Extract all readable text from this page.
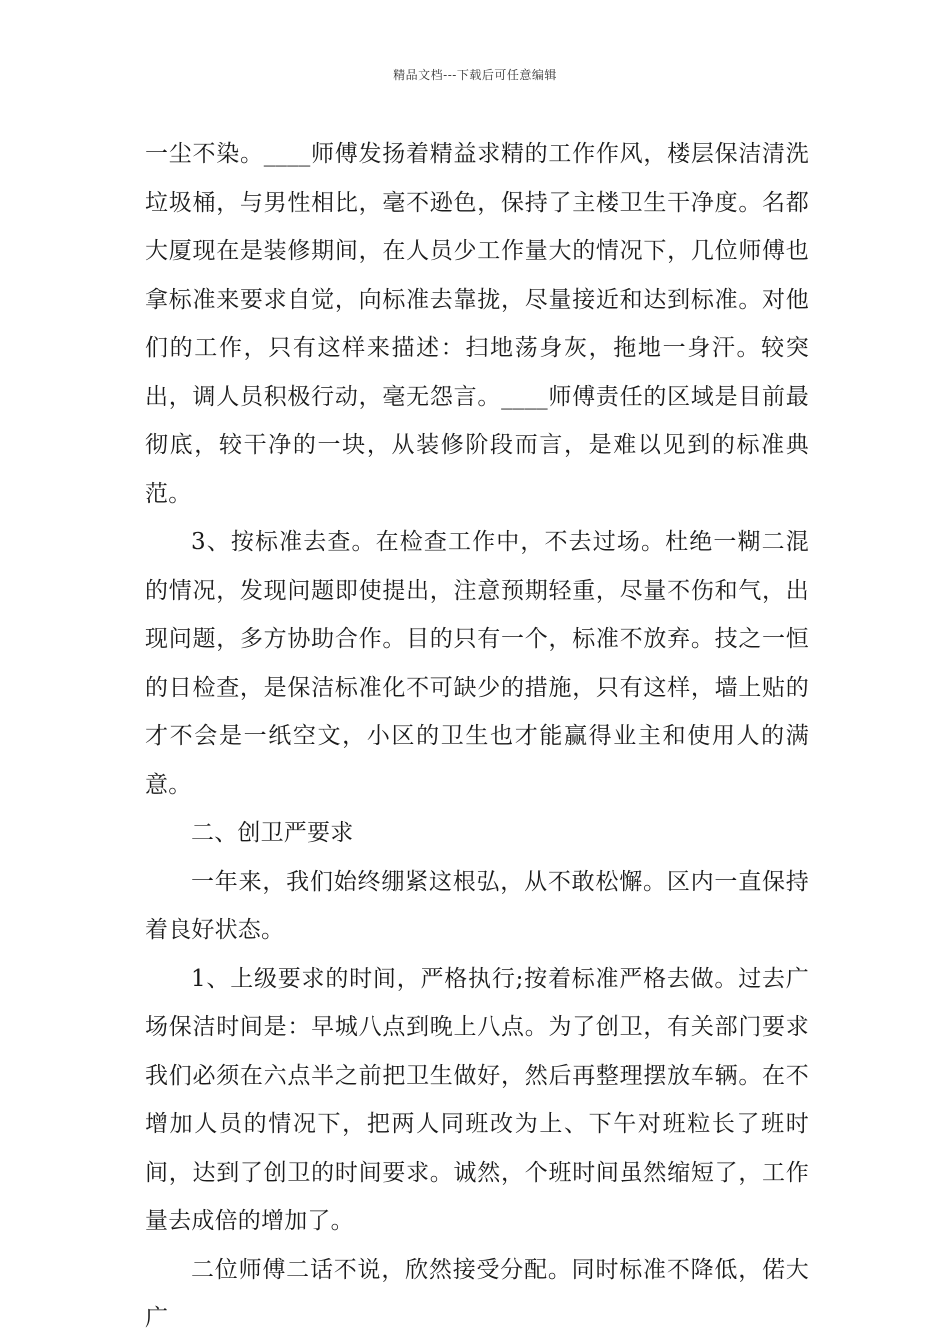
精品文档---下载后可任意编辑

一尘不染。____师傅发扬着精益求精的工作作风，楼层保洁清洗垃圾桶，与男性相比，毫不逊色，保持了主楼卫生干净度。名都大厦现在是装修期间，在人员少工作量大的情况下，几位师傅也拿标准来要求自觉，向标准去靠拢，尽量接近和达到标准。对他们的工作，只有这样来描述：扫地荡身灰，拖地一身汗。较突出，调人员积极行动，毫无怨言。____师傅责任的区域是目前最彻底，较干净的一块，从装修阶段而言，是难以见到的标准典范。

3、按标准去查。在检查工作中，不去过场。杜绝一糊二混的情况，发现问题即使提出，注意预期轻重，尽量不伤和气，出现问题，多方协助合作。目的只有一个，标准不放弃。技之一恒的日检查，是保洁标准化不可缺少的措施，只有这样，墙上贴的才不会是一纸空文，小区的卫生也才能赢得业主和使用人的满意。

二、创卫严要求

一年来，我们始终绷紧这根弘，从不敢松懈。区内一直保持着良好状态。

1、上级要求的时间，严格执行;按着标准严格去做。过去广场保洁时间是：早城八点到晚上八点。为了创卫，有关部门要求我们必须在六点半之前把卫生做好，然后再整理摆放车辆。在不增加人员的情况下，把两人同班改为上、下午对班粒长了班时间，达到了创卫的时间要求。诚然，个班时间虽然缩短了，工作量去成倍的增加了。

二位师傅二话不说，欣然接受分配。同时标准不降低，偌大广
